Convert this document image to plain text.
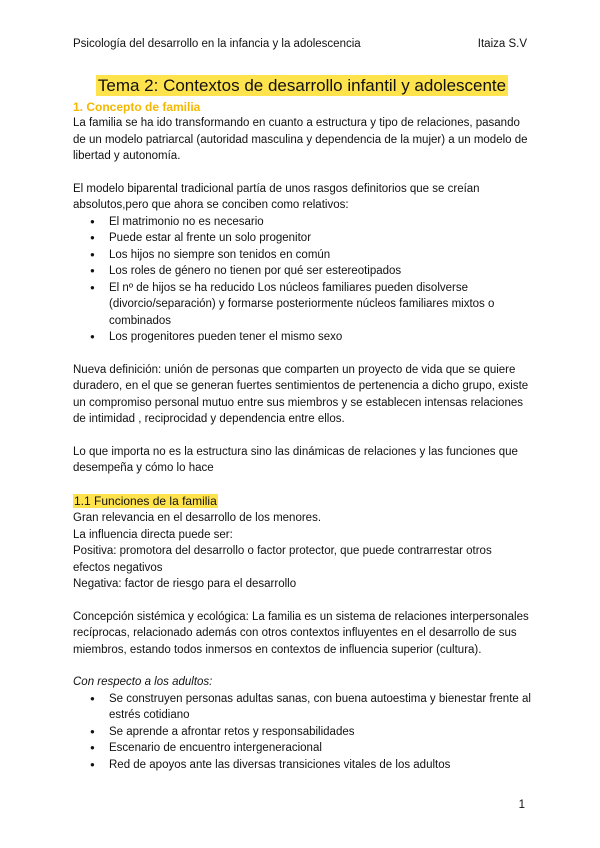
Psicología del desarrollo en la infancia y la adolescencia	Itaiza S.V
Tema 2: Contextos de desarrollo infantil y adolescente
1. Concepto de familia

La familia se ha ido transformando en cuanto a estructura y tipo de relaciones, pasando de un modelo patriarcal (autoridad masculina y dependencia de la mujer) a un modelo de libertad y autonomía.

El modelo biparental tradicional partía de unos rasgos definitorios que se creían absolutos,pero que ahora se conciben como relativos:

● El matrimonio no es necesario
● Puede estar al frente un solo progenitor
● Los hijos no siempre son tenidos en común
● Los roles de género no tienen por qué ser estereotipados
● El nº de hijos se ha reducido Los núcleos familiares pueden disolverse (divorcio/separación) y formarse posteriormente núcleos familiares mixtos o combinados
● Los progenitores pueden tener el mismo sexo

Nueva definición: unión de personas que comparten un proyecto de vida que se quiere duradero, en el que se generan fuertes sentimientos de pertenencia a dicho grupo, existe un compromiso personal mutuo entre sus miembros y se establecen intensas relaciones de intimidad , reciprocidad y dependencia entre ellos.

Lo que importa no es la estructura sino las dinámicas de relaciones y las funciones que desempeña y cómo lo hace

1.1 Funciones de la familia

Gran relevancia en el desarrollo de los menores.

La influencia directa puede ser:

Positiva: promotora del desarrollo o factor protector, que puede contrarrestar otros efectos negativos

Negativa: factor de riesgo para el desarrollo

Concepción sistémica y ecológica: La familia es un sistema de relaciones interpersonales recíprocas, relacionado además con otros contextos influyentes en el desarrollo de sus miembros, estando todos inmersos en contextos de influencia superior (cultura).

Con respecto a los adultos:

● Se construyen personas adultas sanas, con buena autoestima y bienestar frente al estrés cotidiano
● Se aprende a afrontar retos y responsabilidades
● Escenario de encuentro intergeneracional
● Red de apoyos ante las diversas transiciones vitales de los adultos
1
